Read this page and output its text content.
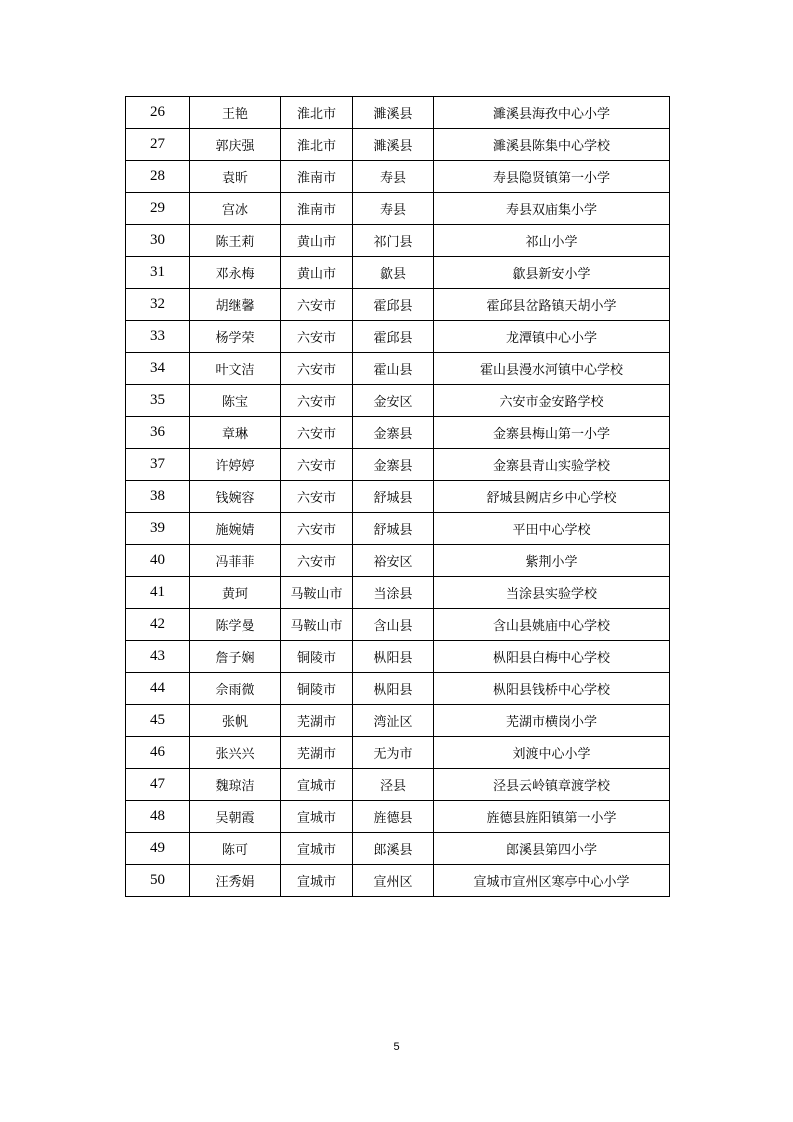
26	王艳	淮北市	濉溪县	濉溪县海孜中心小学
27	郭庆强	淮北市	濉溪县	濉溪县陈集中心学校
28	袁昕	淮南市	寿县	寿县隐贤镇第一小学
29	宫冰	淮南市	寿县	寿县双庙集小学
30	陈王莉	黄山市	祁门县	祁山小学
31	邓永梅	黄山市	歙县	歙县新安小学
32	胡继馨	六安市	霍邱县	霍邱县岔路镇天胡小学
33	杨学荣	六安市	霍邱县	龙潭镇中心小学
34	叶文洁	六安市	霍山县	霍山县漫水河镇中心学校
35	陈宝	六安市	金安区	六安市金安路学校
36	章琳	六安市	金寨县	金寨县梅山第一小学
37	许婷婷	六安市	金寨县	金寨县青山实验学校
38	钱婉容	六安市	舒城县	舒城县阙店乡中心学校
39	施婉婧	六安市	舒城县	平田中心学校
40	冯菲菲	六安市	裕安区	紫荆小学
41	黄珂	马鞍山市	当涂县	当涂县实验学校
42	陈学曼	马鞍山市	含山县	含山县姚庙中心学校
43	詹子娴	铜陵市	枞阳县	枞阳县白梅中心学校
44	佘雨微	铜陵市	枞阳县	枞阳县钱桥中心学校
45	张帆	芜湖市	湾沚区	芜湖市横岗小学
46	张兴兴	芜湖市	无为市	刘渡中心小学
47	魏琼洁	宣城市	泾县	泾县云岭镇章渡学校
48	吴朝霞	宣城市	旌德县	旌德县旌阳镇第一小学
49	陈可	宣城市	郎溪县	郎溪县第四小学
50	汪秀娟	宣城市	宣州区	宣城市宣州区寒亭中心小学
5
